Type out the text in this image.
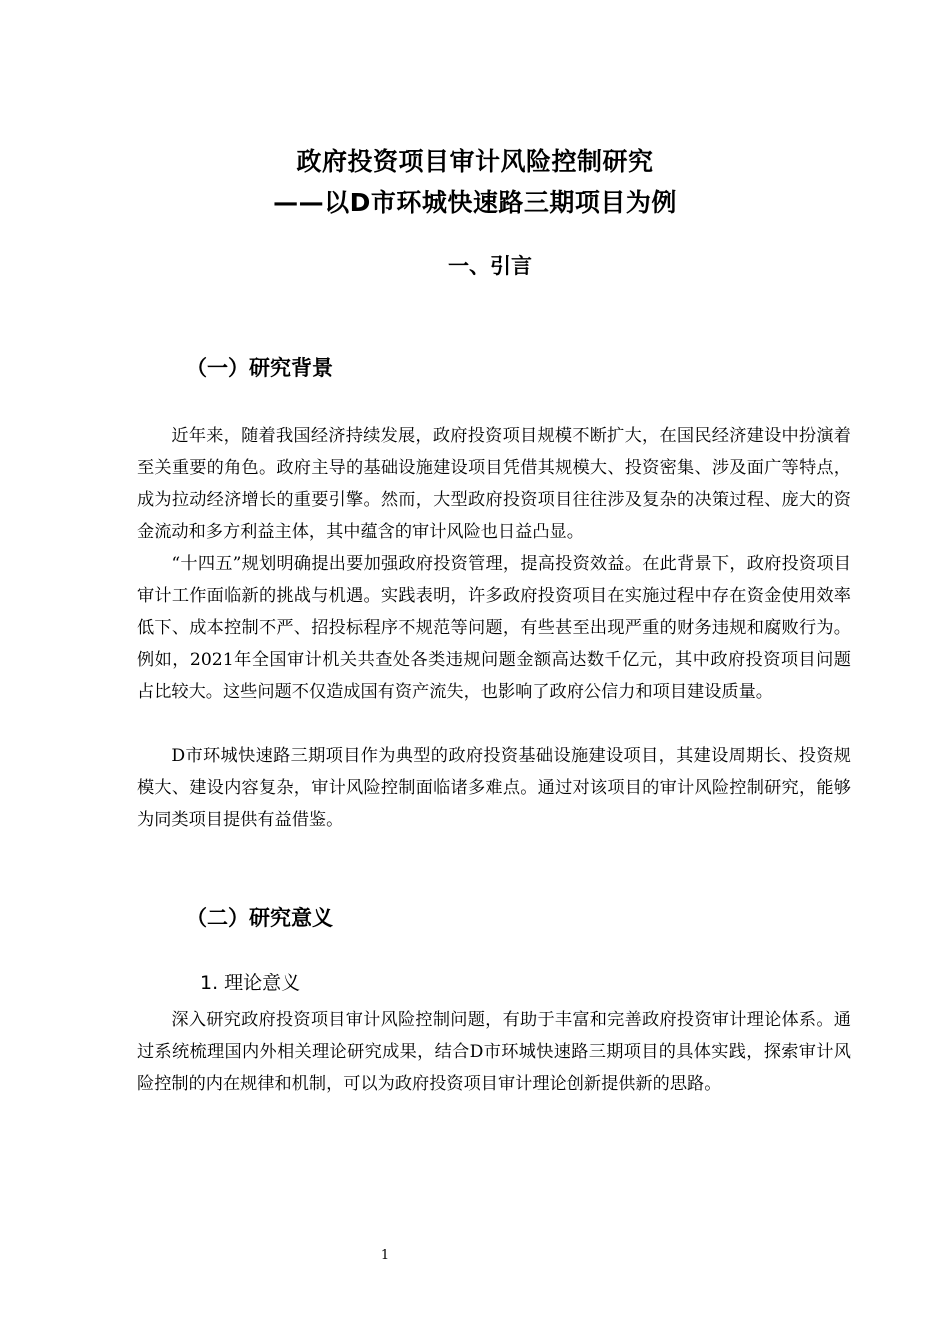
政府投资项目审计风险控制研究
——以D市环城快速路三期项目为例
一、引言
（一）研究背景

近年来，随着我国经济持续发展，政府投资项目规模不断扩大，在国民经济建设中扮演着至关重要的角色。政府主导的基础设施建设项目凭借其规模大、投资密集、涉及面广等特点，成为拉动经济增长的重要引擎。然而，大型政府投资项目往往涉及复杂的决策过程、庞大的资金流动和多方利益主体，其中蕴含的审计风险也日益凸显。

“十四五”规划明确提出要加强政府投资管理，提高投资效益。在此背景下，政府投资项目审计工作面临新的挑战与机遇。实践表明，许多政府投资项目在实施过程中存在资金使用效率低下、成本控制不严、招投标程序不规范等问题，有些甚至出现严重的财务违规和腐败行为。例如，2021年全国审计机关共查处各类违规问题金额高达数千亿元，其中政府投资项目问题占比较大。这些问题不仅造成国有资产流失，也影响了政府公信力和项目建设质量。

D市环城快速路三期项目作为典型的政府投资基础设施建设项目，其建设周期长、投资规模大、建设内容复杂，审计风险控制面临诸多难点。通过对该项目的审计风险控制研究，能够为同类项目提供有益借鉴。

（二）研究意义
1. 理论意义

深入研究政府投资项目审计风险控制问题，有助于丰富和完善政府投资审计理论体系。通过系统梳理国内外相关理论研究成果，结合D市环城快速路三期项目的具体实践，探索审计风险控制的内在规律和机制，可以为政府投资项目审计理论创新提供新的思路。

1
